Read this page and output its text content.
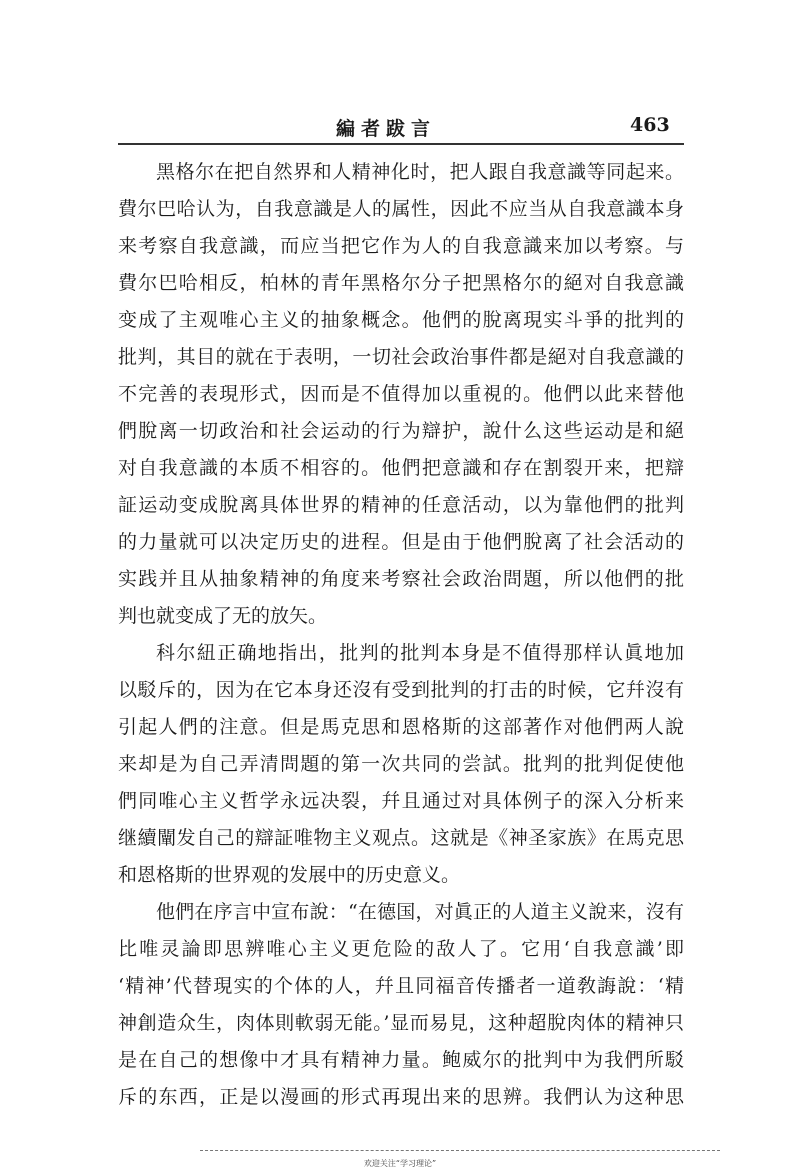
編者跋言	463
黑格尔在把自然界和人精神化时，把人跟自我意識等同起来。
費尔巴哈认为，自我意識是人的属性，因此不应当从自我意識本身
来考察自我意識，而应当把它作为人的自我意識来加以考察。与
費尔巴哈相反，柏林的青年黑格尔分子把黑格尔的絕对自我意識
变成了主观唯心主义的抽象概念。他們的脫离現实斗爭的批判的
批判，其目的就在于表明，一切社会政治事件都是絕对自我意識的
不完善的表現形式，因而是不值得加以重視的。他們以此来替他
們脫离一切政治和社会运动的行为辯护，說什么这些运动是和絕
对自我意識的本质不相容的。他們把意識和存在割裂开来，把辯
証运动变成脫离具体世界的精神的任意活动，以为靠他們的批判
的力量就可以决定历史的进程。但是由于他們脫离了社会活动的
实践并且从抽象精神的角度来考察社会政治問題，所以他們的批
判也就变成了无的放矢。
科尔紐正确地指出，批判的批判本身是不值得那样认眞地加
以駁斥的，因为在它本身还沒有受到批判的打击的时候，它幷沒有
引起人們的注意。但是馬克思和恩格斯的这部著作对他們两人說
来却是为自己弄清問題的第一次共同的尝試。批判的批判促使他
們同唯心主义哲学永远决裂，幷且通过对具体例子的深入分析来
继續闡发自己的辯証唯物主义观点。这就是《神圣家族》在馬克思
和恩格斯的世界观的发展中的历史意义。
他們在序言中宣布說：“在德国，对眞正的人道主义說来，沒有
比唯灵論即思辨唯心主义更危险的敌人了。它用‘自我意識’即
‘精神’代替現实的个体的人，幷且同福音传播者一道敎誨說：‘精
神創造众生，肉体則軟弱无能。’显而易見，这种超脫肉体的精神只
是在自己的想像中才具有精神力量。鲍威尔的批判中为我們所駁
斥的东西，正是以漫画的形式再現出来的思辨。我們认为这种思
欢迎关注“学习理论”
